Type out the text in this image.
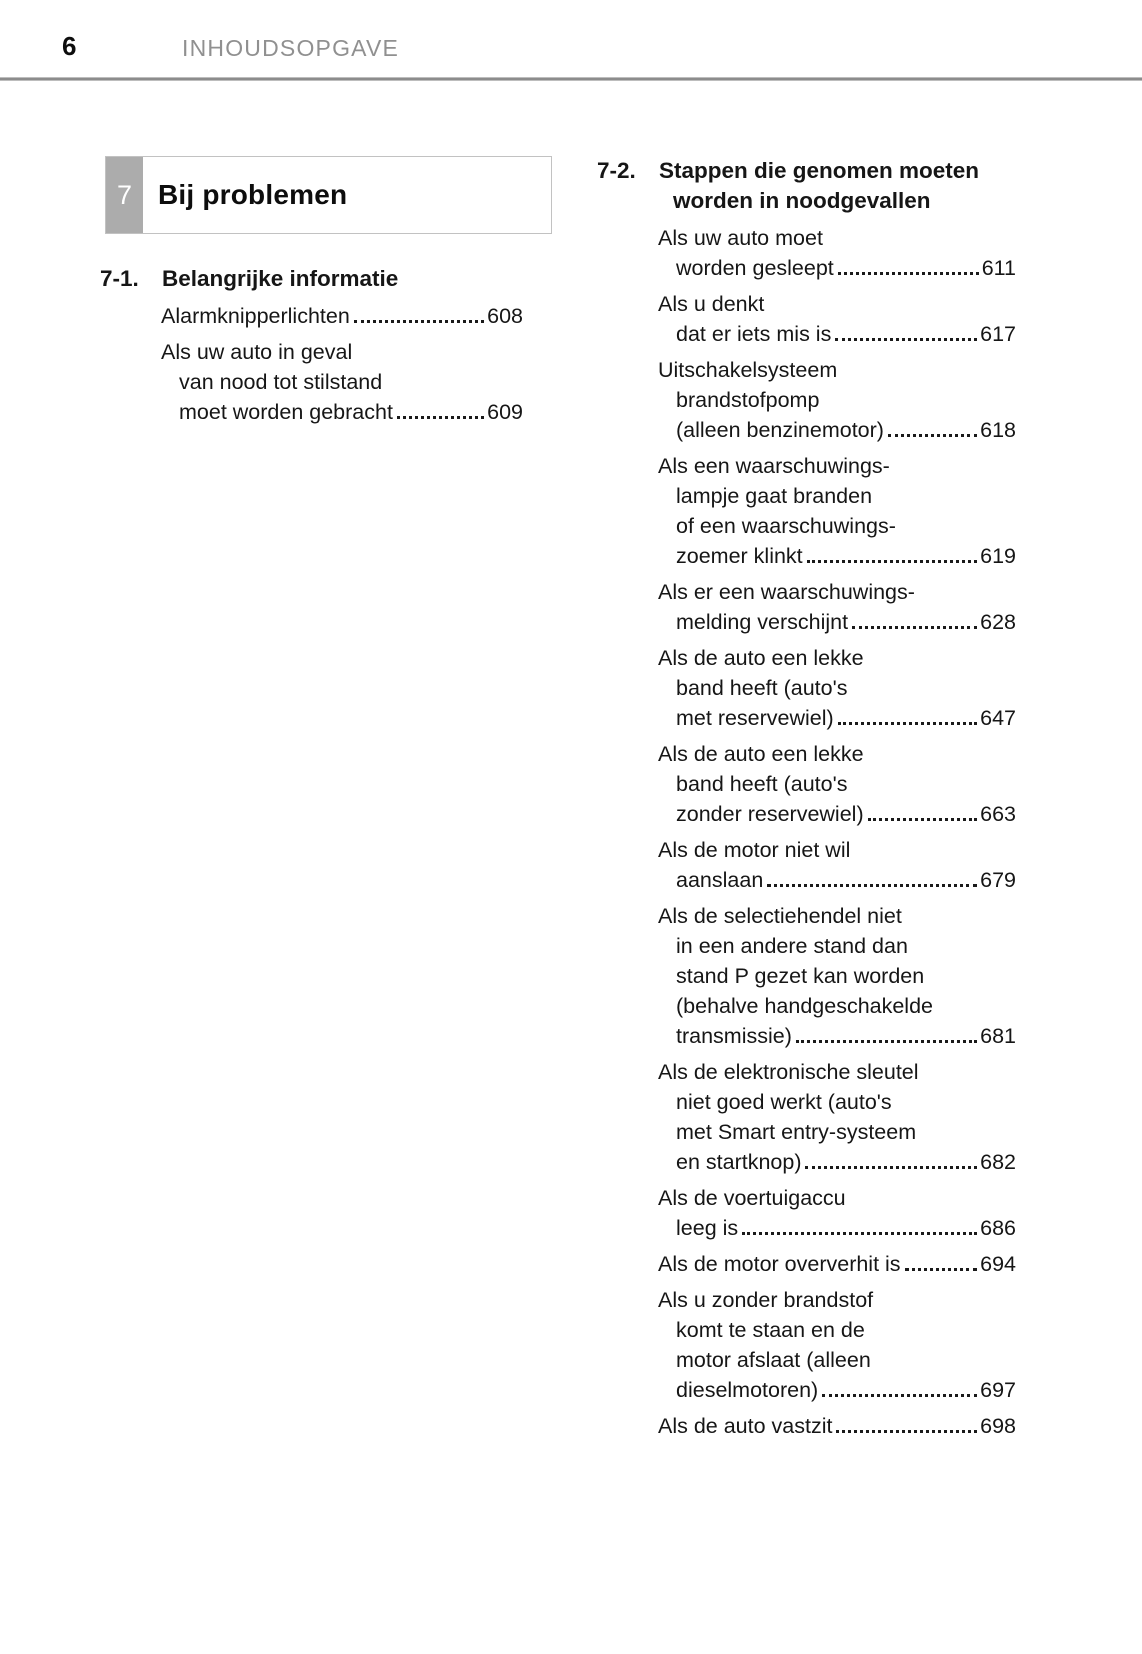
6	INHOUDSOPGAVE
7 Bij problemen
7-1.	Belangrijke informatie
Alarmknipperlichten	608
Als uw auto in geval
van nood tot stilstand
moet worden gebracht	609
7-2.	Stappen die genomen moeten
worden in noodgevallen
Als uw auto moet
worden gesleept	611
Als u denkt
dat er iets mis is	617
Uitschakelsysteem
brandstofpomp
(alleen benzinemotor)	618
Als een waarschuwings-
lampje gaat branden
of een waarschuwings-
zoemer klinkt	619
Als er een waarschuwings-
melding verschijnt	628
Als de auto een lekke
band heeft (auto's
met reservewiel)	647
Als de auto een lekke
band heeft (auto's
zonder reservewiel)	663
Als de motor niet wil
aanslaan	679
Als de selectiehendel niet
in een andere stand dan
stand P gezet kan worden
(behalve handgeschakelde
transmissie)	681
Als de elektronische sleutel
niet goed werkt (auto's
met Smart entry-systeem
en startknop)	682
Als de voertuigaccu
leeg is	686
Als de motor oververhit is	694
Als u zonder brandstof
komt te staan en de
motor afslaat (alleen
dieselmotoren)	697
Als de auto vastzit	698
